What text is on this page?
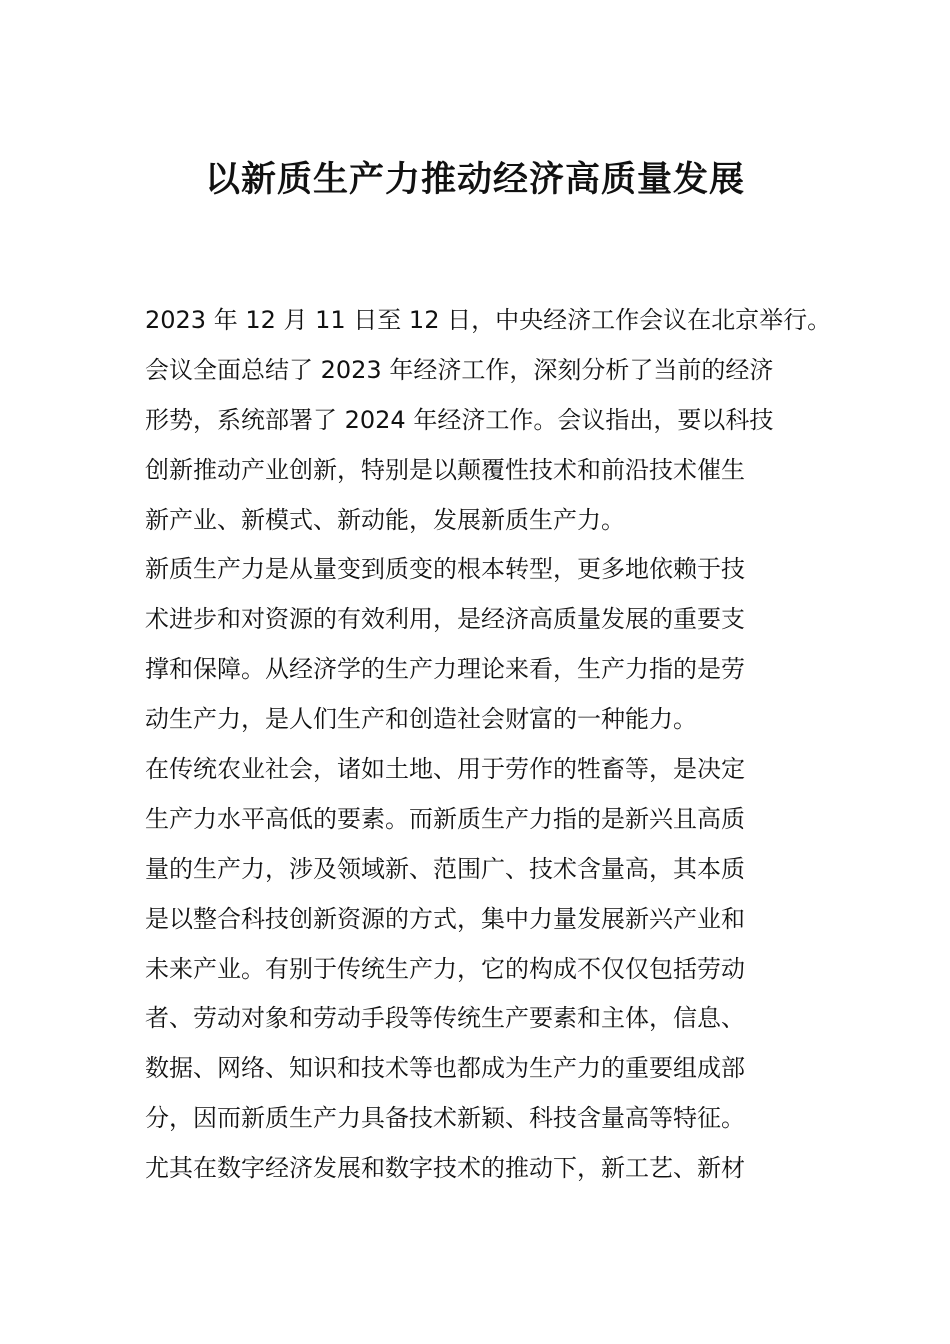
以新质生产力推动经济高质量发展
2023 年 12 月 11 日至 12 日，中央经济工作会议在北京举行。
会议全面总结了 2023 年经济工作，深刻分析了当前的经济
形势，系统部署了 2024 年经济工作。会议指出，要以科技
创新推动产业创新，特别是以颠覆性技术和前沿技术催生
新产业、新模式、新动能，发展新质生产力。
新质生产力是从量变到质变的根本转型，更多地依赖于技
术进步和对资源的有效利用，是经济高质量发展的重要支
撑和保障。从经济学的生产力理论来看，生产力指的是劳
动生产力，是人们生产和创造社会财富的一种能力。
在传统农业社会，诸如土地、用于劳作的牲畜等，是决定
生产力水平高低的要素。而新质生产力指的是新兴且高质
量的生产力，涉及领域新、范围广、技术含量高，其本质
是以整合科技创新资源的方式，集中力量发展新兴产业和
未来产业。有别于传统生产力，它的构成不仅仅包括劳动
者、劳动对象和劳动手段等传统生产要素和主体，信息、
数据、网络、知识和技术等也都成为生产力的重要组成部
分，因而新质生产力具备技术新颖、科技含量高等特征。
尤其在数字经济发展和数字技术的推动下，新工艺、新材
